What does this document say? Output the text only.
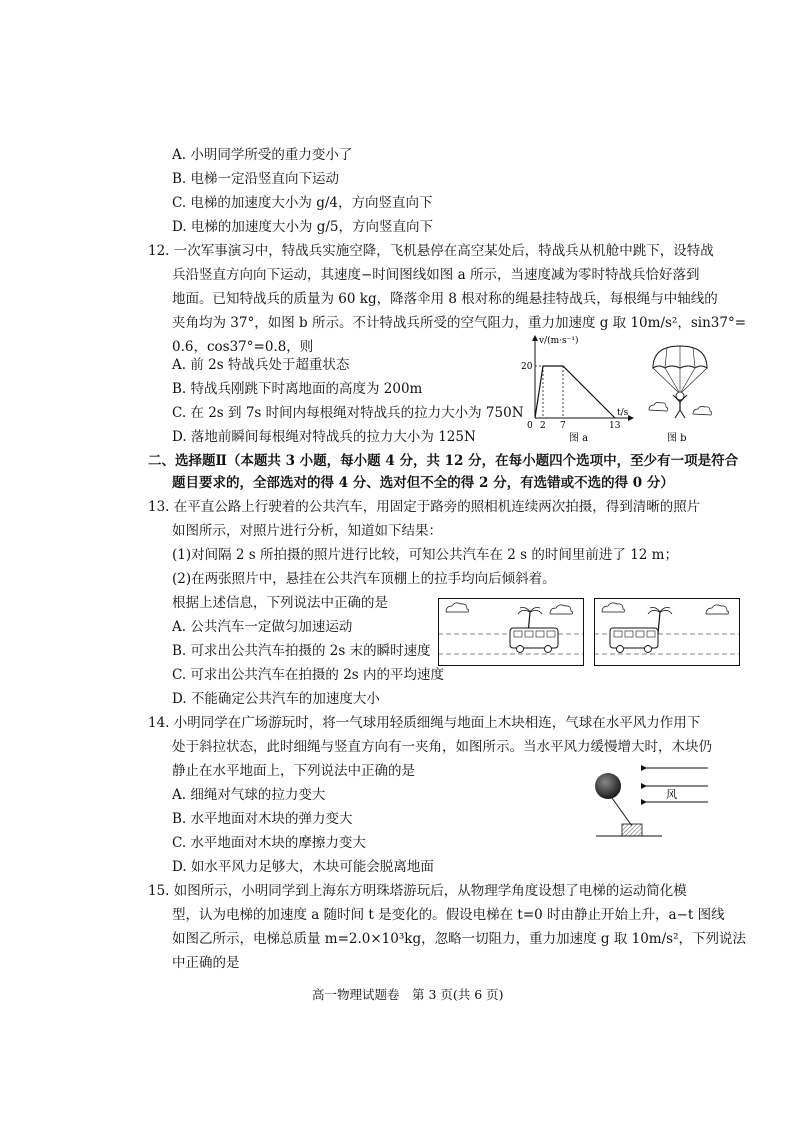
A. 小明同学所受的重力变小了
B. 电梯一定沿竖直向下运动
C. 电梯的加速度大小为 g/4，方向竖直向下
D. 电梯的加速度大小为 g/5，方向竖直向下
12. 一次军事演习中，特战兵实施空降，飞机悬停在高空某处后，特战兵从机舱中跳下，设特战
兵沿竖直方向向下运动，其速度−时间图线如图 a 所示，当速度减为零时特战兵恰好落到
地面。已知特战兵的质量为 60 kg，降落伞用 8 根对称的绳悬挂特战兵，每根绳与中轴线的
夹角均为 37°，如图 b 所示。不计特战兵所受的空气阻力，重力加速度 g 取 10m/s²，sin37°=
0.6，cos37°=0.8，则
A. 前 2s 特战兵处于超重状态
B. 特战兵刚跳下时离地面的高度为 200m
C. 在 2s 到 7s 时间内每根绳对特战兵的拉力大小为 750N
D. 落地前瞬间每根绳对特战兵的拉力大小为 125N
v/(m·s⁻¹)
t/s
20
0 2 7	13
图 a	图 b
二、选择题Ⅱ（本题共 3 小题，每小题 4 分，共 12 分，在每小题四个选项中，至少有一项是符合
题目要求的，全部选对的得 4 分、选对但不全的得 2 分，有选错或不选的得 0 分）
13. 在平直公路上行驶着的公共汽车，用固定于路旁的照相机连续两次拍摄，得到清晰的照片
如图所示，对照片进行分析，知道如下结果：
(1)对间隔 2 s 所拍摄的照片进行比较，可知公共汽车在 2 s 的时间里前进了 12 m；
(2)在两张照片中，悬挂在公共汽车顶棚上的拉手均向后倾斜着。
根据上述信息，下列说法中正确的是
A. 公共汽车一定做匀加速运动
B. 可求出公共汽车拍摄的 2s 末的瞬时速度
C. 可求出公共汽车在拍摄的 2s 内的平均速度
D. 不能确定公共汽车的加速度大小
14. 小明同学在广场游玩时，将一气球用轻质细绳与地面上木块相连，气球在水平风力作用下
处于斜拉状态，此时细绳与竖直方向有一夹角，如图所示。当水平风力缓慢增大时，木块仍
静止在水平地面上，下列说法中正确的是
A. 细绳对气球的拉力变大
B. 水平地面对木块的弹力变大
C. 水平地面对木块的摩擦力变大
D. 如水平风力足够大，木块可能会脱离地面
风
15. 如图所示，小明同学到上海东方明珠塔游玩后，从物理学角度设想了电梯的运动简化模
型，认为电梯的加速度 a 随时间 t 是变化的。假设电梯在 t=0 时由静止开始上升，a−t 图线
如图乙所示，电梯总质量 m=2.0×10³kg，忽略一切阻力，重力加速度 g 取 10m/s²，下列说法
中正确的是
高一物理试题卷　第 3 页(共 6 页)
